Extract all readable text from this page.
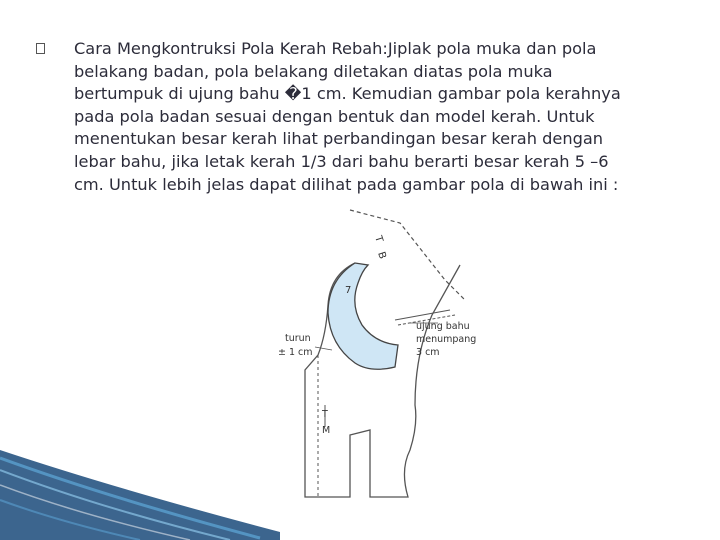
Cara Mengkontruksi Pola Kerah Rebah:Jiplak pola muka dan pola
belakang badan, pola belakang diletakan diatas pola muka
bertumpuk di ujung bahu �1 cm. Kemudian gambar pola kerahnya
pada pola badan sesuai dengan bentuk dan model kerah. Untuk
menentukan besar kerah lihat perbandingan besar kerah dengan
lebar bahu, jika letak kerah 1/3 dari bahu berarti besar kerah 5 –6
cm. Untuk lebih jelas dapat dilihat pada gambar pola di bawah ini :
T
B
7
turun
± 1 cm
ujung bahu
menumpang
3 cm
T
M
